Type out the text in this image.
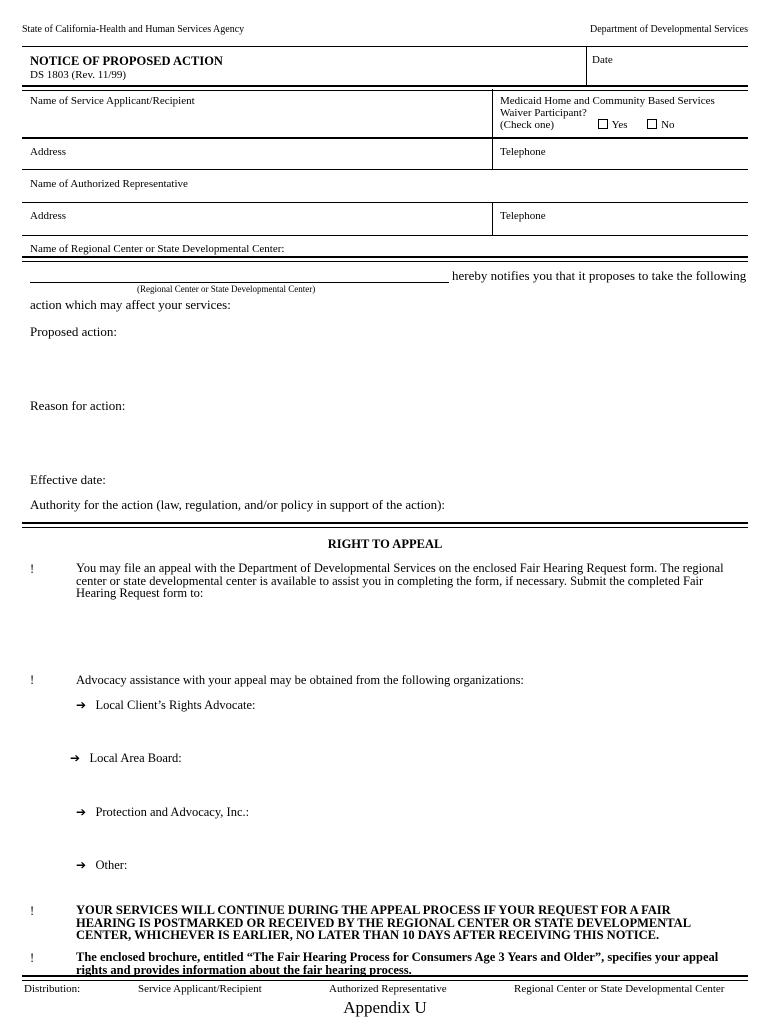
State of California-Health and Human Services Agency	Department of Developmental Services
NOTICE OF PROPOSED ACTION
DS 1803 (Rev. 11/99)
Date
Name of Service Applicant/Recipient	Medicaid Home and Community Based Services
Waiver Participant?
(Check one)	Yes	No
Address	Telephone
Name of Authorized Representative
Address	Telephone
Name of Regional Center or State Developmental Center:
hereby notifies you that it proposes to take the following
(Regional Center or State Developmental Center)
action which may affect your services:
Proposed action:
Reason for action:
Effective date:
Authority for the action (law, regulation, and/or policy in support of the action):
RIGHT TO APPEAL
!	You may file an appeal with the Department of Developmental Services on the enclosed Fair Hearing Request form. The regional
center or state developmental center is available to assist you in completing the form, if necessary. Submit the completed Fair
Hearing Request form to:
!	Advocacy assistance with your appeal may be obtained from the following organizations:
➔ Local Client’s Rights Advocate:
➔ Local Area Board:
➔ Protection and Advocacy, Inc.:
➔ Other:
!	YOUR SERVICES WILL CONTINUE DURING THE APPEAL PROCESS IF YOUR REQUEST FOR A FAIR
HEARING IS POSTMARKED OR RECEIVED BY THE REGIONAL CENTER OR STATE DEVELOPMENTAL
CENTER, WHICHEVER IS EARLIER, NO LATER THAN 10 DAYS AFTER RECEIVING THIS NOTICE.
!	The enclosed brochure, entitled “The Fair Hearing Process for Consumers Age 3 Years and Older”, specifies your appeal
rights and provides information about the fair hearing process.
Distribution:	Service Applicant/Recipient	Authorized Representative	Regional Center or State Developmental Center
Appendix U
